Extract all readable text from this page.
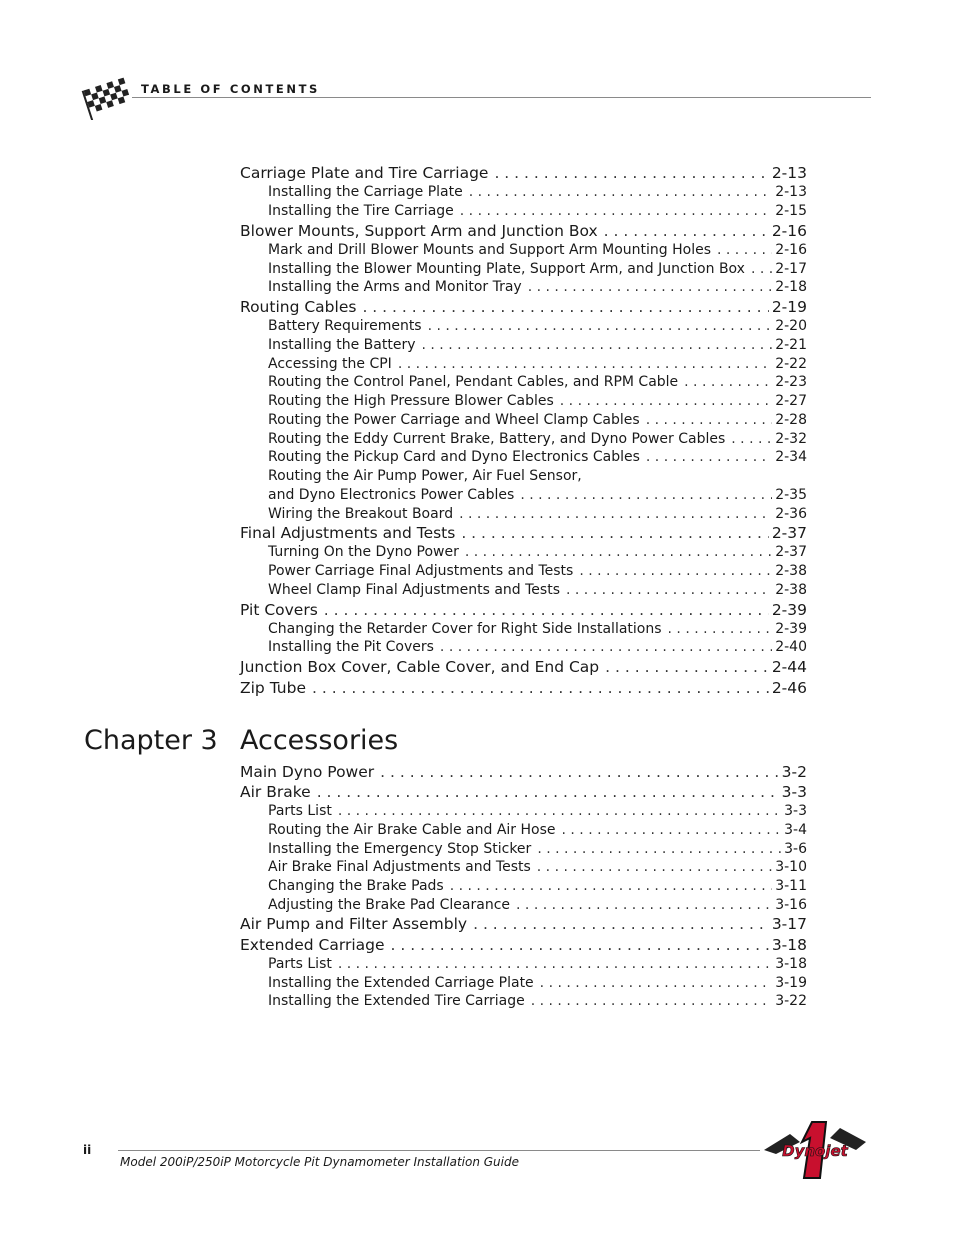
TABLE OF CONTENTS
Carriage Plate and Tire Carriage . . .	2-13
Installing the Carriage Plate . . .	2-13
Installing the Tire Carriage . . .	2-15
Blower Mounts, Support Arm and Junction Box . . .	2-16
Mark and Drill Blower Mounts and Support Arm Mounting Holes . . .	2-16
Installing the Blower Mounting Plate, Support Arm, and Junction Box . . . 2-17
Installing the Arms and Monitor Tray . . .	2-18
Routing Cables . . .	2-19
Battery Requirements . . .	2-20
Installing the Battery . . .	2-21
Accessing the CPI . . .	2-22
Routing the Control Panel, Pendant Cables, and RPM Cable . . .	2-23
Routing the High Pressure Blower Cables . . .	2-27
Routing the Power Carriage and Wheel Clamp Cables . . .	2-28
Routing the Eddy Current Brake, Battery, and Dyno Power Cables . . .	2-32
Routing the Pickup Card and Dyno Electronics Cables . . .	2-34
Routing the Air Pump Power, Air Fuel Sensor,
and Dyno Electronics Power Cables . . .	2-35
Wiring the Breakout Board . . .	2-36
Final Adjustments and Tests . . .	2-37
Turning On the Dyno Power . . .	2-37
Power Carriage Final Adjustments and Tests . . .	2-38
Wheel Clamp Final Adjustments and Tests . . .	2-38
Pit Covers . . .	2-39
Changing the Retarder Cover for Right Side Installations . . .	2-39
Installing the Pit Covers . . .	2-40
Junction Box Cover, Cable Cover, and End Cap . . .	2-44
Zip Tube . . .	2-46
Chapter 3 Accessories
Main Dyno Power . . .	3-2
Air Brake . . .	3-3
Parts List . . .	3-3
Routing the Air Brake Cable and Air Hose . . .	3-4
Installing the Emergency Stop Sticker . . .	3-6
Air Brake Final Adjustments and Tests . . .	3-10
Changing the Brake Pads . . .	3-11
Adjusting the Brake Pad Clearance . . .	3-16
Air Pump and Filter Assembly . . .	3-17
Extended Carriage . . .	3-18
Parts List . . .	3-18
Installing the Extended Carriage Plate . . .	3-19
Installing the Extended Tire Carriage . . .	3-22
ii
Model 200iP/250iP Motorcycle Pit Dynamometer Installation Guide
Dynojet
